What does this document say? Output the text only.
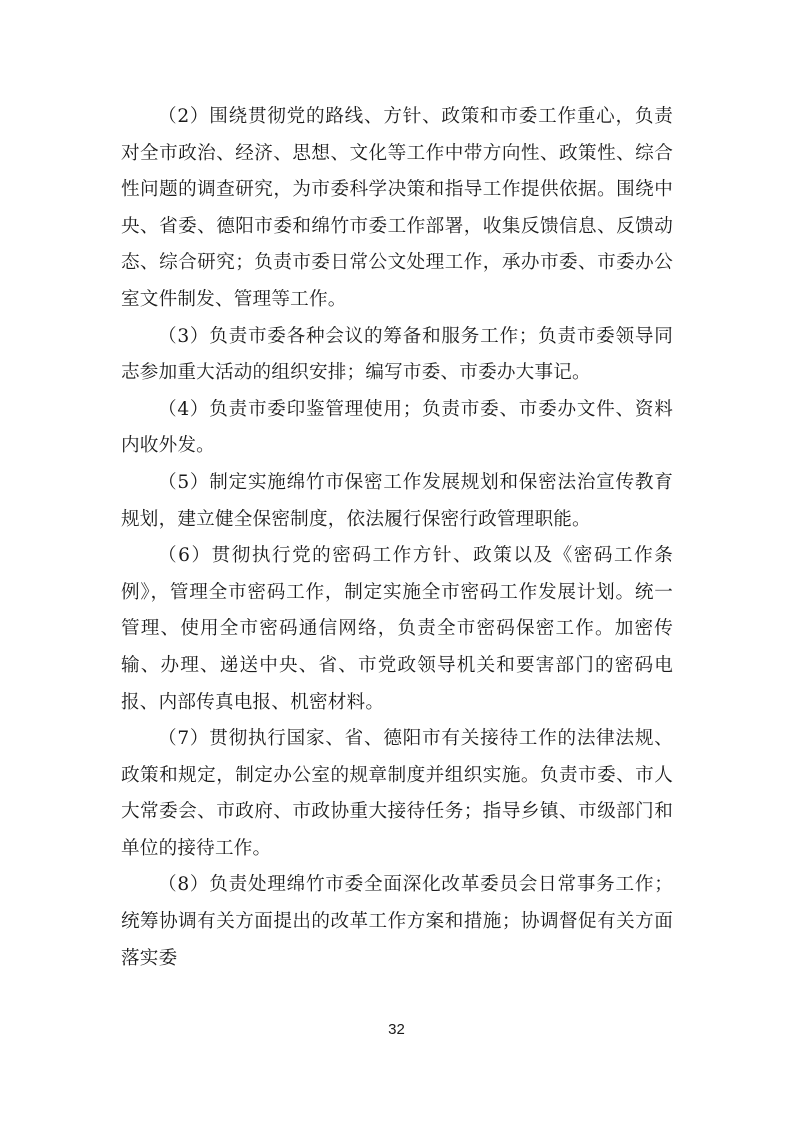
（2）围绕贯彻党的路线、方针、政策和市委工作重心，负责对全市政治、经济、思想、文化等工作中带方向性、政策性、综合性问题的调查研究，为市委科学决策和指导工作提供依据。围绕中央、省委、德阳市委和绵竹市委工作部署，收集反馈信息、反馈动态、综合研究；负责市委日常公文处理工作，承办市委、市委办公室文件制发、管理等工作。

（3）负责市委各种会议的筹备和服务工作；负责市委领导同志参加重大活动的组织安排；编写市委、市委办大事记。

（4）负责市委印鉴管理使用；负责市委、市委办文件、资料内收外发。

（5）制定实施绵竹市保密工作发展规划和保密法治宣传教育规划，建立健全保密制度，依法履行保密行政管理职能。

（6）贯彻执行党的密码工作方针、政策以及《密码工作条例》，管理全市密码工作，制定实施全市密码工作发展计划。统一管理、使用全市密码通信网络，负责全市密码保密工作。加密传输、办理、递送中央、省、市党政领导机关和要害部门的密码电报、内部传真电报、机密材料。

（7）贯彻执行国家、省、德阳市有关接待工作的法律法规、政策和规定，制定办公室的规章制度并组织实施。负责市委、市人大常委会、市政府、市政协重大接待任务；指导乡镇、市级部门和单位的接待工作。

（8）负责处理绵竹市委全面深化改革委员会日常事务工作；统筹协调有关方面提出的改革工作方案和措施；协调督促有关方面落实委

32
